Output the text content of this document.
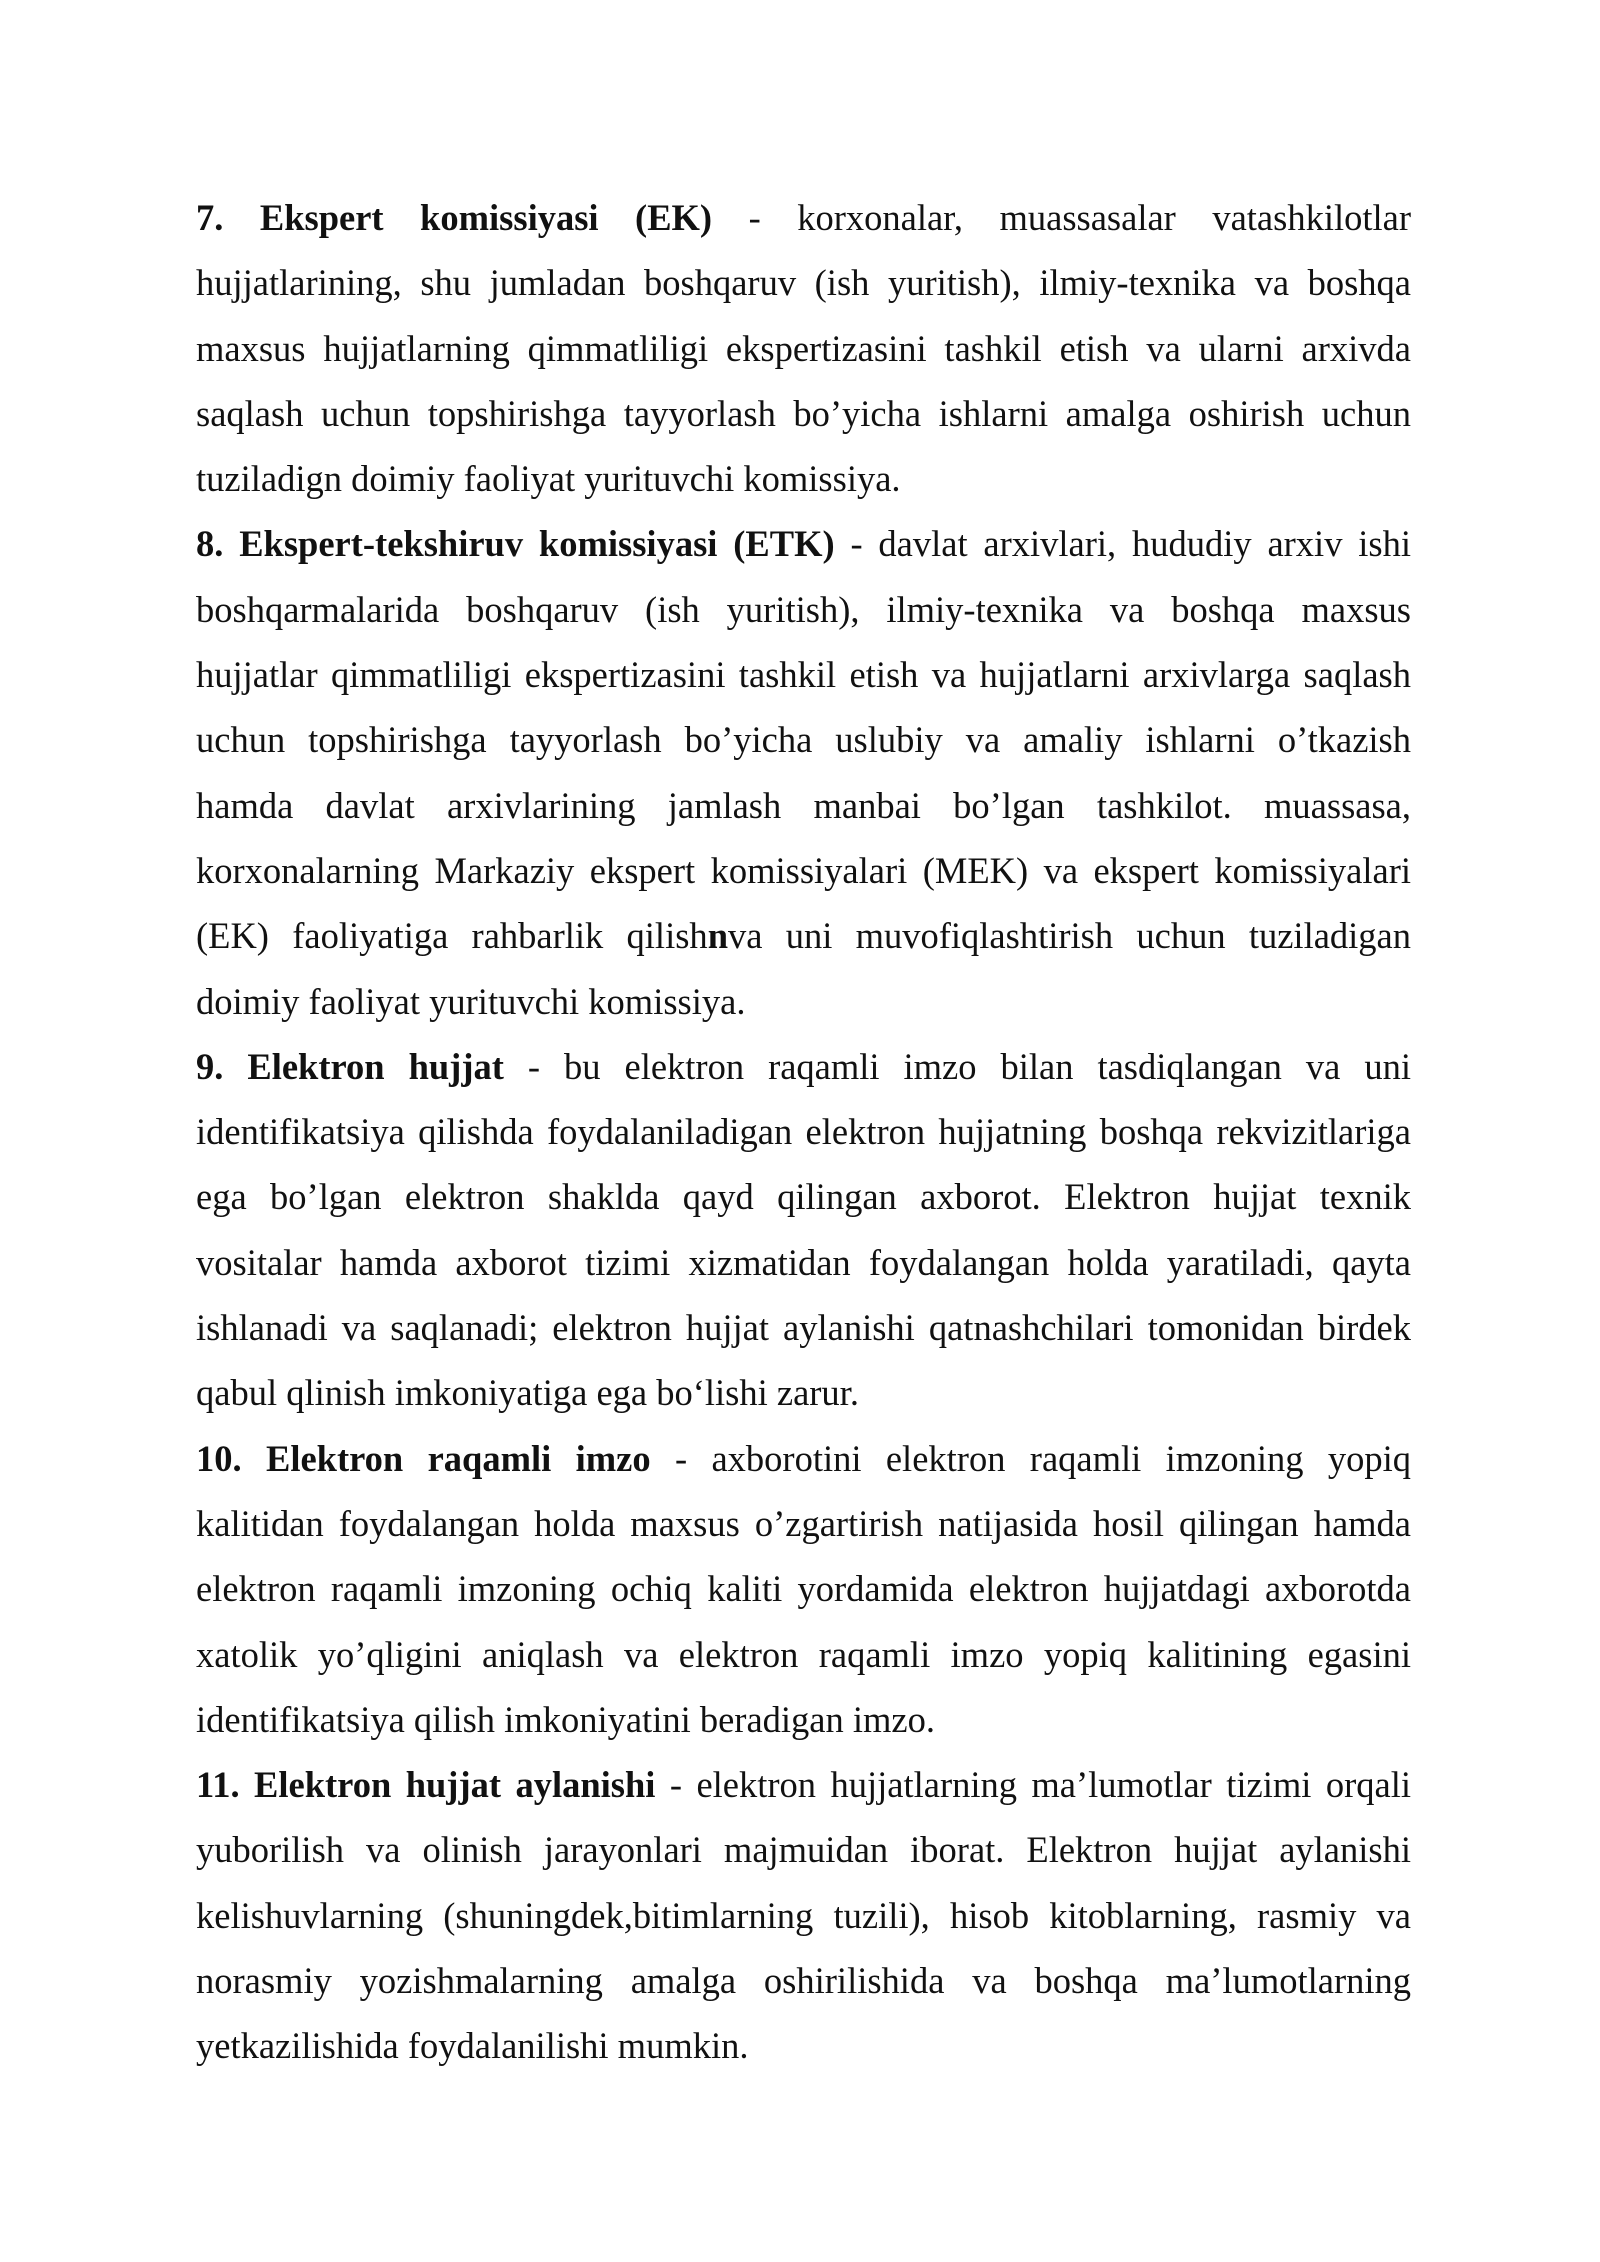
7. Ekspert komissiyasi (EK) - korxonalar, muassasalar vatashkilotlar
hujjatlarining, shu jumladan boshqaruv (ish yuritish), ilmiy-texnika va boshqa
maxsus hujjatlarning qimmatliligi ekspertizasini tashkil etish va ularni arxivda
saqlash uchun topshirishga tayyorlash bo’yicha ishlarni amalga oshirish uchun
tuziladign doimiy faoliyat yurituvchi komissiya.
8. Ekspert-tekshiruv komissiyasi (ETK) - davlat arxivlari, hududiy arxiv ishi
boshqarmalarida boshqaruv (ish yuritish), ilmiy-texnika va boshqa maxsus
hujjatlar qimmatliligi ekspertizasini tashkil etish va hujjatlarni arxivlarga saqlash
uchun topshirishga tayyorlash bo’yicha uslubiy va amaliy ishlarni o’tkazish
hamda davlat arxivlarining jamlash manbai bo’lgan tashkilot. muassasa,
korxonalarning Markaziy ekspert komissiyalari (MEK) va ekspert komissiyalari
(EK) faoliyatiga rahbarlik qilishnva uni muvofiqlashtirish uchun tuziladigan
doimiy faoliyat yurituvchi komissiya.
9. Elektron hujjat - bu elektron raqamli imzo bilan tasdiqlangan va uni
identifikatsiya qilishda foydalaniladigan elektron hujjatning boshqa rekvizitlariga
ega bo’lgan elektron shaklda qayd qilingan axborot. Elektron hujjat texnik
vositalar hamda axborot tizimi xizmatidan foydalangan holda yaratiladi, qayta
ishlanadi va saqlanadi; elektron hujjat aylanishi qatnashchilari tomonidan birdek
qabul qlinish imkoniyatiga ega bo‘lishi zarur.
10. Elektron raqamli imzo - axborotini elektron raqamli imzoning yopiq
kalitidan foydalangan holda maxsus o’zgartirish natijasida hosil qilingan hamda
elektron raqamli imzoning ochiq kaliti yordamida elektron hujjatdagi axborotda
xatolik yo’qligini aniqlash va elektron raqamli imzo yopiq kalitining egasini
identifikatsiya qilish imkoniyatini beradigan imzo.
11. Elektron hujjat aylanishi - elektron hujjatlarning ma’lumotlar tizimi orqali
yuborilish va olinish jarayonlari majmuidan iborat. Elektron hujjat aylanishi
kelishuvlarning (shuningdek,bitimlarning tuzili), hisob kitoblarning, rasmiy va
norasmiy yozishmalarning amalga oshirilishida va boshqa ma’lumotlarning
yetkazilishida foydalanilishi mumkin.
